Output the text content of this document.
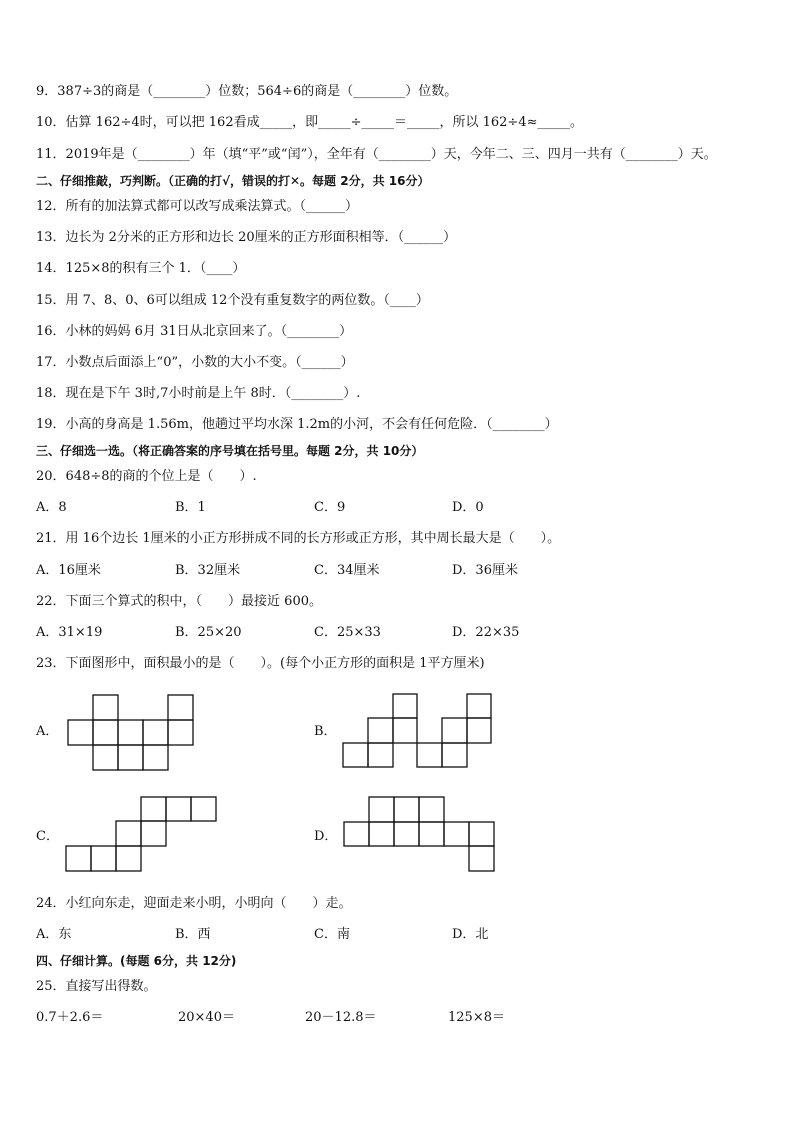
9．387÷3的商是（________）位数；564÷6的商是（________）位数。
10．估算 162÷4时，可以把 162看成_____，即_____÷_____＝_____，所以 162÷4≈_____。
11．2019年是（________）年（填“平”或“闰”），全年有（________）天，今年二、三、四月一共有（________）天。
二、仔细推敲，巧判断。（正确的打√，错误的打✕。每题 2分，共 16分）
12．所有的加法算式都可以改写成乘法算式。（______）
13．边长为 2分米的正方形和边长 20厘米的正方形面积相等．（______）
14．125×8的积有三个 1．（____）
15．用 7、8、0、6可以组成 12个没有重复数字的两位数。（____）
16．小林的妈妈 6月 31日从北京回来了。（________）
17．小数点后面添上“0”，小数的大小不变。（______）
18．现在是下午 3时,7小时前是上午 8时．（________）.
19．小高的身高是 1.56m，他趟过平均水深 1.2m的小河，不会有任何危险．（________）
三、仔细选一选。（将正确答案的序号填在括号里。每题 2分，共 10分）
20．648÷8的商的个位上是（　　）.
A．8	B．1	C．9	D．0
21．用 16个边长 1厘米的小正方形拼成不同的长方形或正方形，其中周长最大是（　　）。
A．16厘米	B．32厘米	C．34厘米	D．36厘米
22．下面三个算式的积中，（　　）最接近 600。
A．31×19	B．25×20	C．25×33	D．22×35
23．下面图形中，面积最小的是（　　）。(每个小正方形的面积是 1平方厘米)
A．	B．
C．	D．
24．小红向东走，迎面走来小明，小明向（　　）走。
A．东	B．西	C．南	D．北
四、仔细计算。(每题 6分，共 12分)
25．直接写出得数。
0.7＋2.6＝	20×40＝	20－12.8＝	125×8＝
